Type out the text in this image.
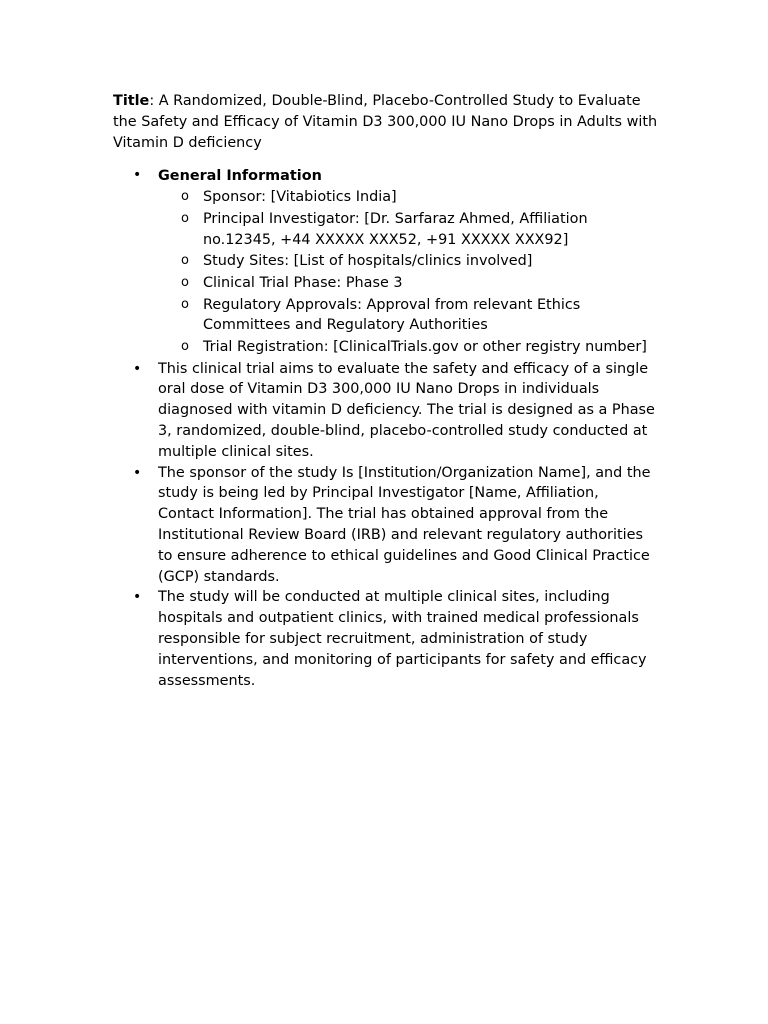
Title: A Randomized, Double-Blind, Placebo-Controlled Study to Evaluate the Safety and Efficacy of Vitamin D3 300,000 IU Nano Drops in Adults with Vitamin D deficiency

• General Information
o Sponsor: [Vitabiotics India]
o Principal Investigator: [Dr. Sarfaraz Ahmed, Affiliation no.12345, +44 XXXXX XXX52, +91 XXXXX XXX92]
o Study Sites: [List of hospitals/clinics involved]
o Clinical Trial Phase: Phase 3
o Regulatory Approvals: Approval from relevant Ethics Committees and Regulatory Authorities
o Trial Registration: [ClinicalTrials.gov or other registry number]
• This clinical trial aims to evaluate the safety and efficacy of a single oral dose of Vitamin D3 300,000 IU Nano Drops in individuals diagnosed with vitamin D deficiency. The trial is designed as a Phase 3, randomized, double-blind, placebo-controlled study conducted at multiple clinical sites.
• The sponsor of the study Is [Institution/Organization Name], and the study is being led by Principal Investigator [Name, Affiliation, Contact Information]. The trial has obtained approval from the Institutional Review Board (IRB) and relevant regulatory authorities to ensure adherence to ethical guidelines and Good Clinical Practice (GCP) standards.
• The study will be conducted at multiple clinical sites, including hospitals and outpatient clinics, with trained medical professionals responsible for subject recruitment, administration of study interventions, and monitoring of participants for safety and efficacy assessments.
